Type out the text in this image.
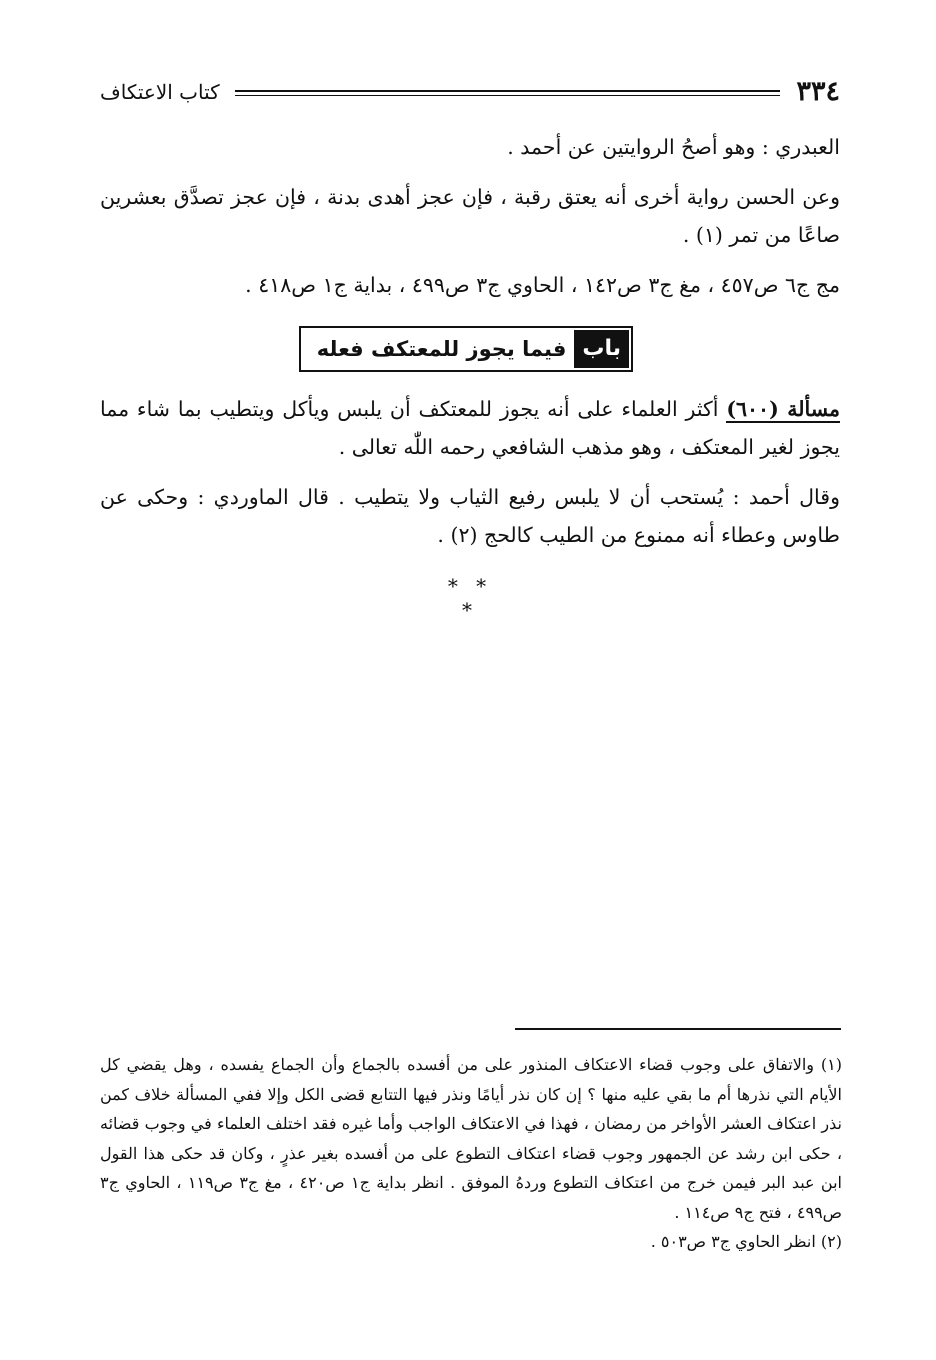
٣٣٤
كتاب الاعتكاف

العبدري : وهو أصحُ الروايتين عن أحمد .

وعن الحسن رواية أخرى أنه يعتق رقبة ، فإن عجز أهدى بدنة ، فإن عجز تصدَّق بعشرين صاعًا من تمر (١) .

مج ج٦ ص٤٥٧ ، مغ ج٣ ص١٤٢ ، الحاوي ج٣ ص٤٩٩ ، بداية ج١ ص٤١٨ .

باب
فيما يجوز للمعتكف فعله

مسألة (٦٠٠) أكثر العلماء على أنه يجوز للمعتكف أن يلبس ويأكل ويتطيب بما شاء مما يجوز لغير المعتكف ، وهو مذهب الشافعي رحمه اللّٰه تعالى .

وقال أحمد : يُستحب أن لا يلبس رفيع الثياب ولا يتطيب . قال الماوردي : وحكى عن طاوس وعطاء أنه ممنوع من الطيب كالحج (٢) .

* * *

(١) والاتفاق على وجوب قضاء الاعتكاف المنذور على من أفسده بالجماع وأن الجماع يفسده ، وهل يقضي كل الأيام التي نذرها أم ما بقي عليه منها ؟ إن كان نذر أيامًا ونذر فيها التتابع قضى الكل وإلا ففي المسألة خلاف كمن نذر اعتكاف العشر الأواخر من رمضان ، فهذا في الاعتكاف الواجب وأما غيره فقد اختلف العلماء في وجوب قضائه ، حكى ابن رشد عن الجمهور وجوب قضاء اعتكاف التطوع على من أفسده بغير عذرٍ ، وكان قد حكى هذا القول ابن عبد البر فيمن خرج من اعتكاف التطوع وردهُ الموفق . انظر بداية ج١ ص٤٢٠ ، مغ ج٣ ص١١٩ ، الحاوي ج٣ ص٤٩٩ ، فتح ج٩ ص١١٤ .

(٢) انظر الحاوي ج٣ ص٥٠٣ .
